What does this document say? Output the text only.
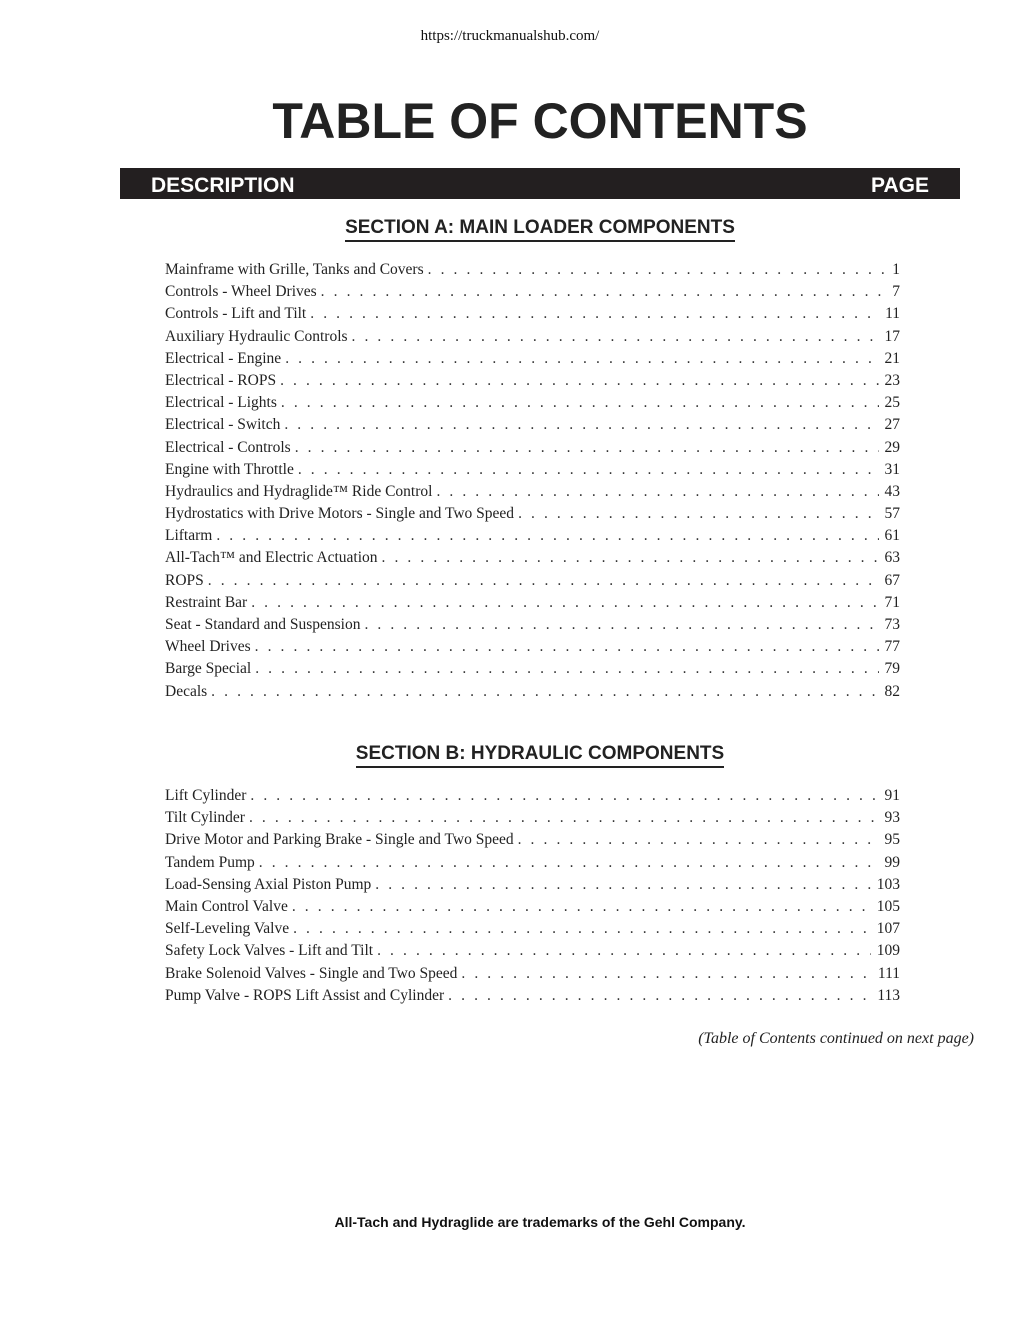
https://truckmanualshub.com/
TABLE OF CONTENTS
DESCRIPTION	PAGE
SECTION A: MAIN LOADER COMPONENTS
Mainframe with Grille, Tanks and Covers . . .	1
Controls - Wheel Drives . . .	7
Controls - Lift and Tilt . . .	11
Auxiliary Hydraulic Controls . . .	17
Electrical - Engine . . .	21
Electrical - ROPS . . .	23
Electrical - Lights . . .	25
Electrical - Switch . . .	27
Electrical - Controls . . .	29
Engine with Throttle . . .	31
Hydraulics and Hydraglide™ Ride Control . . .	43
Hydrostatics with Drive Motors - Single and Two Speed . . .	57
Liftarm . . .	61
All-Tach™ and Electric Actuation . . .	63
ROPS . . .	67
Restraint Bar . . .	71
Seat - Standard and Suspension . . .	73
Wheel Drives . . .	77
Barge Special . . .	79
Decals . . .	82
SECTION B: HYDRAULIC COMPONENTS
Lift Cylinder . . .	91
Tilt Cylinder . . .	93
Drive Motor and Parking Brake - Single and Two Speed . . .	95
Tandem Pump . . .	99
Load-Sensing Axial Piston Pump . . .	103
Main Control Valve . . .	105
Self-Leveling Valve . . .	107
Safety Lock Valves - Lift and Tilt . . .	109
Brake Solenoid Valves - Single and Two Speed . . .	111
Pump Valve - ROPS Lift Assist and Cylinder . . .	113
(Table of Contents continued on next page)
All-Tach and Hydraglide are trademarks of the Gehl Company.
